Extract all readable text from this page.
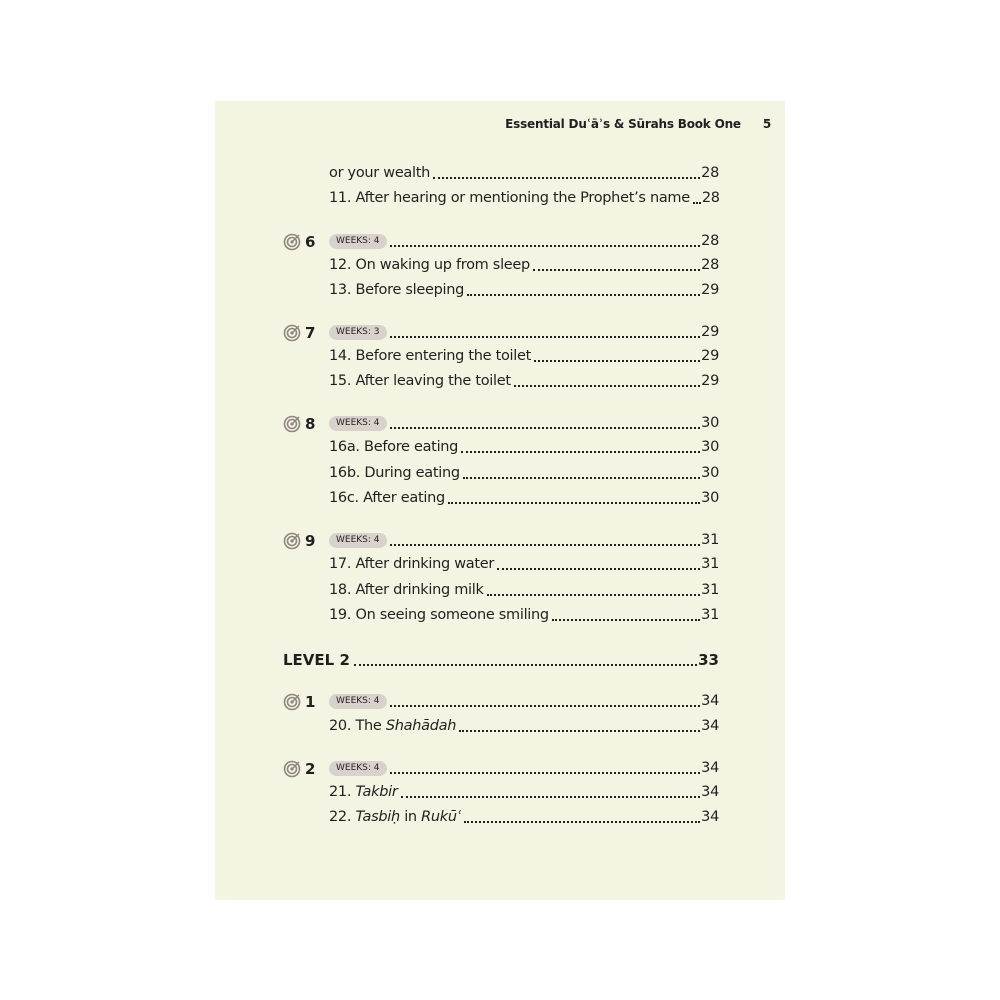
Essential Duʿāʾs & Sūrahs Book One 5
or your wealth	28
11. After hearing or mentioning the Prophet’s name 28
6	WEEKS: 4	28
12. On waking up from sleep	28
13. Before sleeping	29
7	WEEKS: 3	29
14. Before entering the toilet	29
15. After leaving the toilet	29
8	WEEKS: 4	30
16a. Before eating	30
16b. During eating	30
16c. After eating	30
9	WEEKS: 4	31
17. After drinking water	31
18. After drinking milk	31
19. On seeing someone smiling	31
LEVEL 2	33
1	WEEKS: 4	34
20. The
Shahādah	34
2	WEEKS: 4	34
21.
Takbir	34
22.
Tasbiḥ in Rukūʿ	34
